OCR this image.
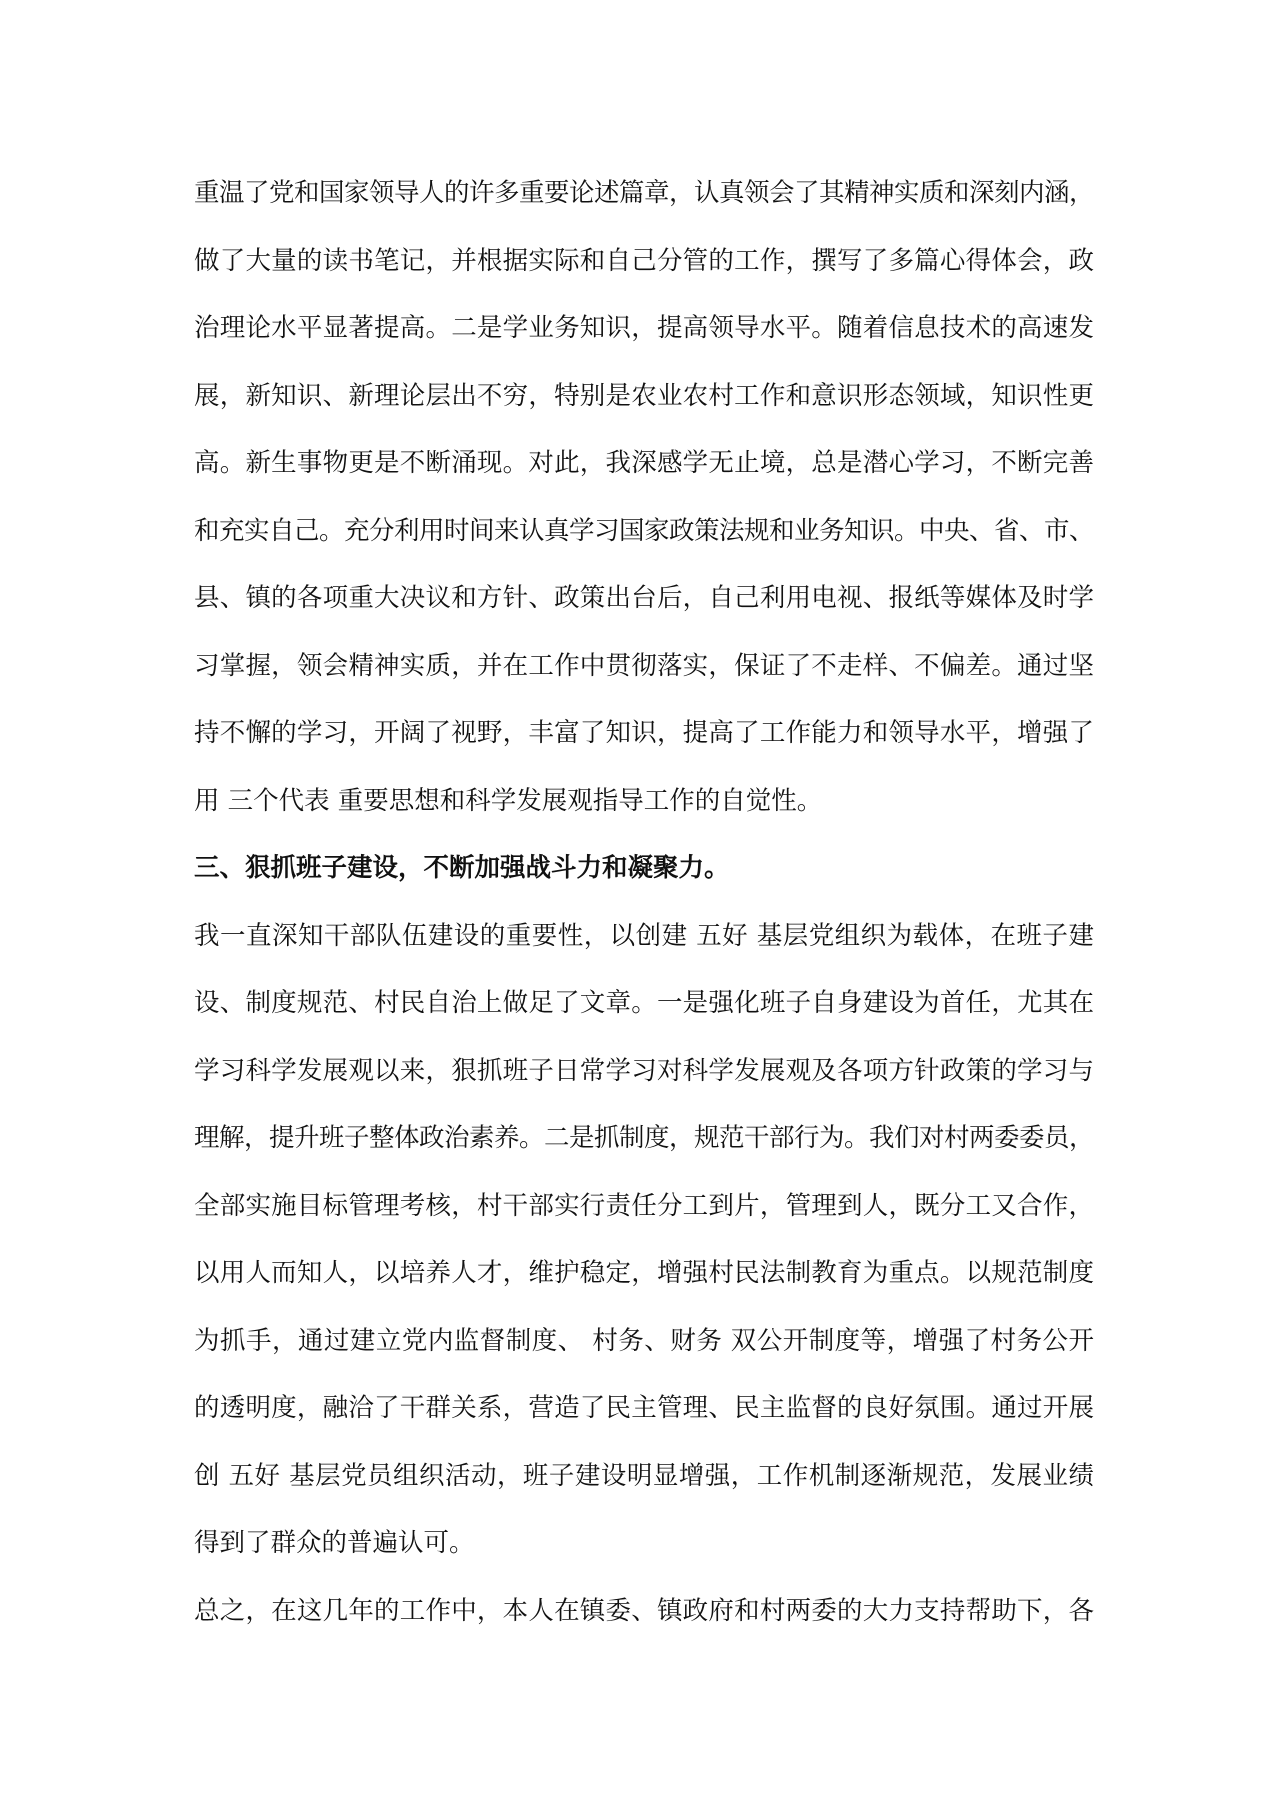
重温了党和国家领导人的许多重要论述篇章，认真领会了其精神实质和深刻内涵，
做了大量的读书笔记，并根据实际和自己分管的工作，撰写了多篇心得体会，政
治理论水平显著提高。二是学业务知识，提高领导水平。随着信息技术的高速发
展，新知识、新理论层出不穷，特别是农业农村工作和意识形态领域，知识性更
高。新生事物更是不断涌现。对此，我深感学无止境，总是潜心学习，不断完善
和充实自己。充分利用时间来认真学习国家政策法规和业务知识。中央、省、市、
县、镇的各项重大决议和方针、政策出台后，自己利用电视、报纸等媒体及时学
习掌握，领会精神实质，并在工作中贯彻落实，保证了不走样、不偏差。通过坚
持不懈的学习，开阔了视野，丰富了知识，提高了工作能力和领导水平，增强了
用 三个代表 重要思想和科学发展观指导工作的自觉性。
三、狠抓班子建设，不断加强战斗力和凝聚力。
我一直深知干部队伍建设的重要性，以创建 五好 基层党组织为载体，在班子建
设、制度规范、村民自治上做足了文章。一是强化班子自身建设为首任，尤其在
学习科学发展观以来，狠抓班子日常学习对科学发展观及各项方针政策的学习与
理解，提升班子整体政治素养。二是抓制度，规范干部行为。我们对村两委委员，
全部实施目标管理考核，村干部实行责任分工到片，管理到人，既分工又合作，
以用人而知人，以培养人才，维护稳定，增强村民法制教育为重点。以规范制度
为抓手，通过建立党内监督制度、 村务、财务 双公开制度等，增强了村务公开
的透明度，融洽了干群关系，营造了民主管理、民主监督的良好氛围。通过开展
创 五好 基层党员组织活动，班子建设明显增强，工作机制逐渐规范，发展业绩
得到了群众的普遍认可。
总之，在这几年的工作中，本人在镇委、镇政府和村两委的大力支持帮助下，各
